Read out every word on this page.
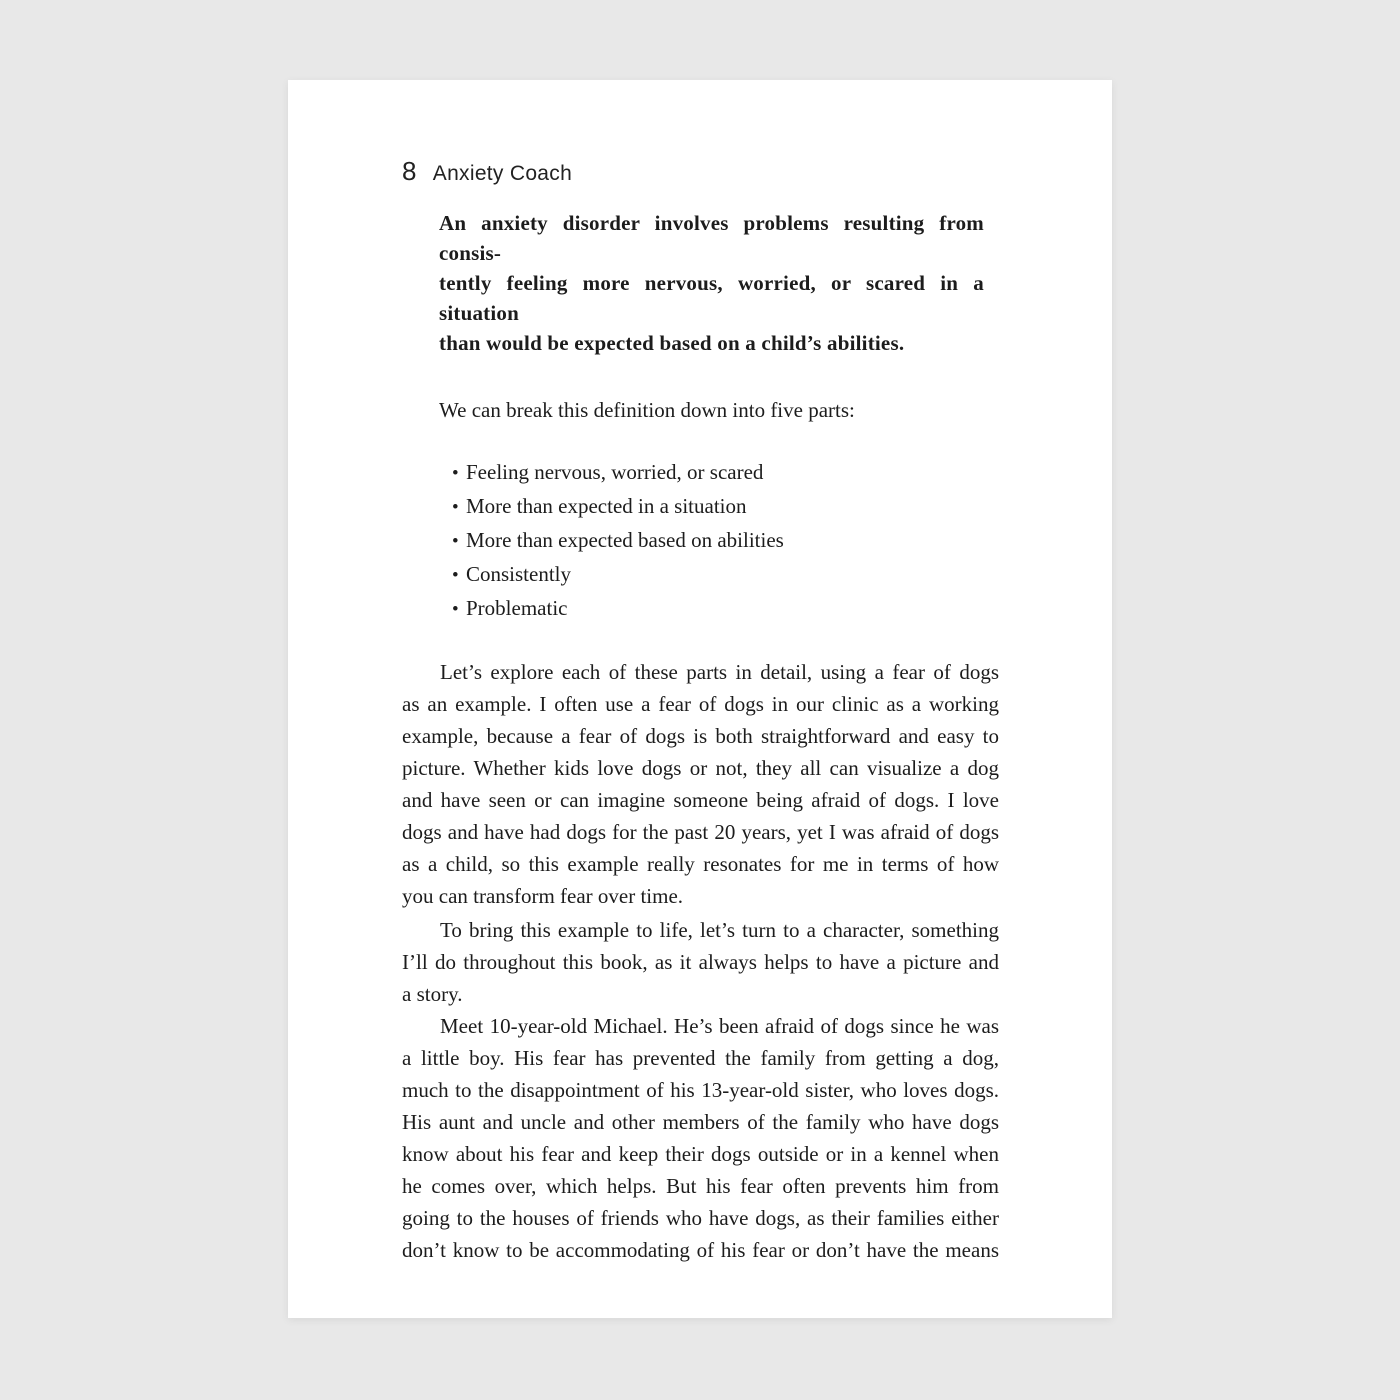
8 Anxiety Coach
An anxiety disorder involves problems resulting from consis-
tently feeling more nervous, worried, or scared in a situation
than would be expected based on a child’s abilities.
We can break this definition down into five parts:
• Feeling nervous, worried, or scared
• More than expected in a situation
• More than expected based on abilities
• Consistently
• Problematic
Let’s explore each of these parts in detail, using a fear of dogs
as an example. I often use a fear of dogs in our clinic as a working
example, because a fear of dogs is both straightforward and easy to
picture. Whether kids love dogs or not, they all can visualize a dog
and have seen or can imagine someone being afraid of dogs. I love
dogs and have had dogs for the past 20 years, yet I was afraid of dogs
as a child, so this example really resonates for me in terms of how
you can transform fear over time.
To bring this example to life, let’s turn to a character, something
I’ll do throughout this book, as it always helps to have a picture and
a story.
Meet 10-year-old Michael. He’s been afraid of dogs since he was
a little boy. His fear has prevented the family from getting a dog,
much to the disappointment of his 13-year-old sister, who loves dogs.
His aunt and uncle and other members of the family who have dogs
know about his fear and keep their dogs outside or in a kennel when
he comes over, which helps. But his fear often prevents him from
going to the houses of friends who have dogs, as their families either
don’t know to be accommodating of his fear or don’t have the means
